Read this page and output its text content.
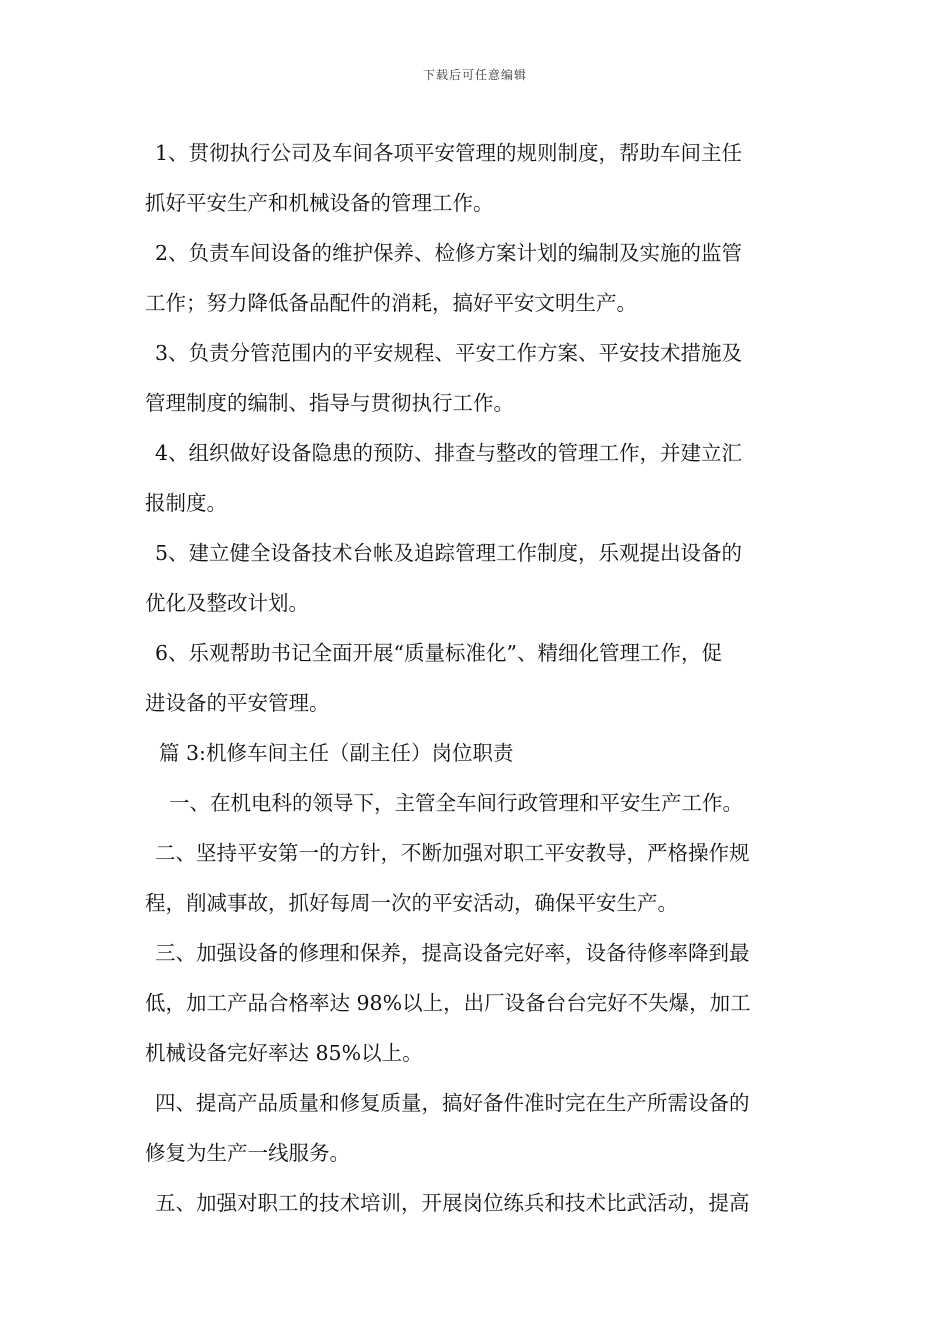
下载后可任意编辑
1、贯彻执行公司及车间各项平安管理的规则制度，帮助车间主任
抓好平安生产和机械设备的管理工作。
2、负责车间设备的维护保养、检修方案计划的编制及实施的监管
工作；努力降低备品配件的消耗，搞好平安文明生产。
3、负责分管范围内的平安规程、平安工作方案、平安技术措施及
管理制度的编制、指导与贯彻执行工作。
4、组织做好设备隐患的预防、排查与整改的管理工作，并建立汇
报制度。
5、建立健全设备技术台帐及追踪管理工作制度，乐观提出设备的
优化及整改计划。
6、乐观帮助书记全面开展“质量标准化”、精细化管理工作，促
进设备的平安管理。
篇 3:机修车间主任（副主任）岗位职责
一、在机电科的领导下，主管全车间行政管理和平安生产工作。
二、坚持平安第一的方针，不断加强对职工平安教导，严格操作规
程，削减事故，抓好每周一次的平安活动，确保平安生产。
三、加强设备的修理和保养，提高设备完好率，设备待修率降到最
低，加工产品合格率达 98%以上，出厂设备台台完好不失爆，加工
机械设备完好率达 85%以上。
四、提高产品质量和修复质量，搞好备件准时完在生产所需设备的
修复为生产一线服务。
五、加强对职工的技术培训，开展岗位练兵和技术比武活动，提高
